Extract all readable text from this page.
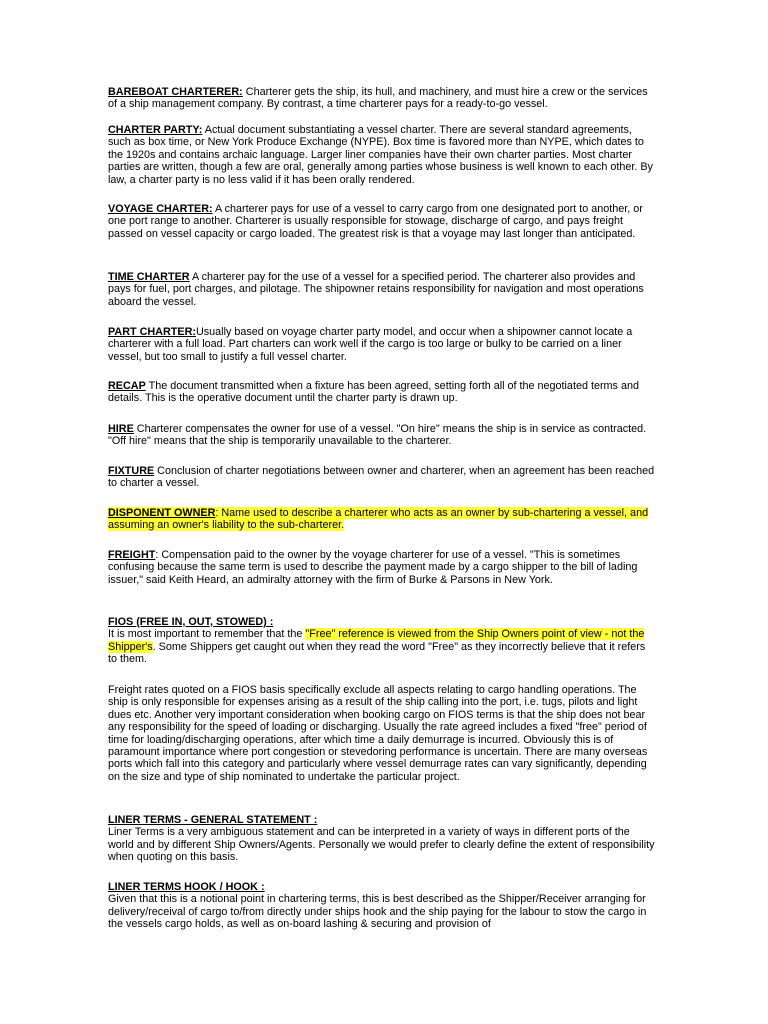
BAREBOAT CHARTERER: Charterer gets the ship, its hull, and machinery, and must hire a crew or the services of a ship management company. By contrast, a time charterer pays for a ready-to-go vessel.

CHARTER PARTY: Actual document substantiating a vessel charter. There are several standard agreements, such as box time, or New York Produce Exchange (NYPE). Box time is favored more than NYPE, which dates to the 1920s and contains archaic language. Larger liner companies have their own charter parties. Most charter parties are written, though a few are oral, generally among parties whose business is well known to each other. By law, a charter party is no less valid if it has been orally rendered.

VOYAGE CHARTER: A charterer pays for use of a vessel to carry cargo from one designated port to another, or one port range to another. Charterer is usually responsible for stowage, discharge of cargo, and pays freight passed on vessel capacity or cargo loaded. The greatest risk is that a voyage may last longer than anticipated.

TIME CHARTER A charterer pay for the use of a vessel for a specified period. The charterer also provides and pays for fuel, port charges, and pilotage. The shipowner retains responsibility for navigation and most operations aboard the vessel.

PART CHARTER:Usually based on voyage charter party model, and occur when a shipowner cannot locate a charterer with a full load. Part charters can work well if the cargo is too large or bulky to be carried on a liner vessel, but too small to justify a full vessel charter.

RECAP The document transmitted when a fixture has been agreed, setting forth all of the negotiated terms and details. This is the operative document until the charter party is drawn up.

HIRE Charterer compensates the owner for use of a vessel. "On hire" means the ship is in service as contracted. "Off hire" means that the ship is temporarily unavailable to the charterer.

FIXTURE Conclusion of charter negotiations between owner and charterer, when an agreement has been reached to charter a vessel.

DISPONENT OWNER: Name used to describe a charterer who acts as an owner by sub-chartering a vessel, and assuming an owner's liability to the sub-charterer.

FREIGHT: Compensation paid to the owner by the voyage charterer for use of a vessel. "This is sometimes confusing because the same term is used to describe the payment made by a cargo shipper to the bill of lading issuer," said Keith Heard, an admiralty attorney with the firm of Burke & Parsons in New York.

FIOS (FREE IN, OUT, STOWED) :

It is most important to remember that the "Free" reference is viewed from the Ship Owners point of view - not the Shipper's. Some Shippers get caught out when they read the word "Free" as they incorrectly believe that it refers to them.

Freight rates quoted on a FIOS basis specifically exclude all aspects relating to cargo handling operations. The ship is only responsible for expenses arising as a result of the ship calling into the port, i.e. tugs, pilots and light dues etc. Another very important consideration when booking cargo on FIOS terms is that the ship does not bear any responsibility for the speed of loading or discharging. Usually the rate agreed includes a fixed "free" period of time for loading/discharging operations, after which time a daily demurrage is incurred. Obviously this is of paramount importance where port congestion or stevedoring performance is uncertain. There are many overseas ports which fall into this category and particularly where vessel demurrage rates can vary significantly, depending on the size and type of ship nominated to undertake the particular project.

LINER TERMS - GENERAL STATEMENT :

Liner Terms is a very ambiguous statement and can be interpreted in a variety of ways in different ports of the world and by different Ship Owners/Agents. Personally we would prefer to clearly define the extent of responsibility when quoting on this basis.

LINER TERMS HOOK / HOOK :

Given that this is a notional point in chartering terms, this is best described as the Shipper/Receiver arranging for delivery/receival of cargo to/from directly under ships hook and the ship paying for the labour to stow the cargo in the vessels cargo holds, as well as on-board lashing & securing and provision of
